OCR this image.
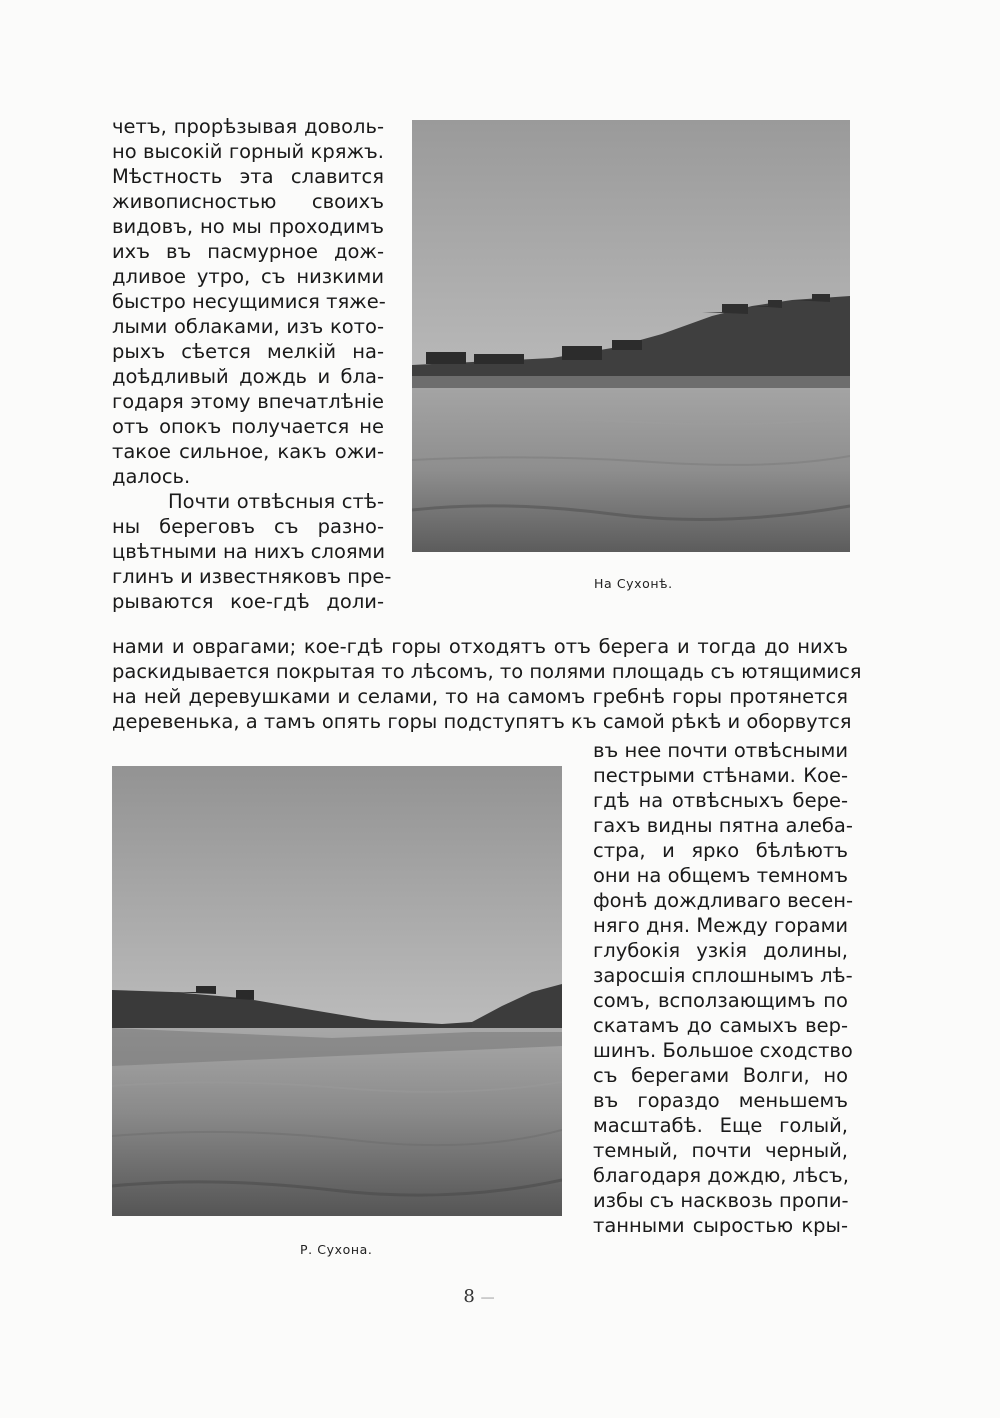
четъ, прорѣзывая доволь-
но высокій горный кряжъ.
Мѣстность эта славится
живописностью своихъ
видовъ, но мы проходимъ
ихъ въ пасмурное дож-
дливое утро, съ низкими
быстро несущимися тяже-
лыми облаками, изъ кото-
рыхъ сѣется мелкій на-
доѣдливый дождь и бла-
годаря этому впечатлѣніе
отъ опокъ получается не
такое сильное, какъ ожи-
далось.
Почти отвѣсныя стѣ-
ны береговъ съ разно-
цвѣтными на нихъ слоями
глинъ и известняковъ пре-
рываются кое-гдѣ доли-
На Сухонѣ.
нами и оврагами; кое-гдѣ горы отходятъ отъ берега и тогда до нихъ
раскидывается покрытая то лѣсомъ, то полями площадь съ ютящимися
на ней деревушками и селами, то на самомъ гребнѣ горы протянется
деревенька, а тамъ опять горы подступятъ къ самой рѣкѣ и оборвутся
Р. Сухона.
въ нее почти отвѣсными
пестрыми стѣнами. Кое-
гдѣ на отвѣсныхъ бере-
гахъ видны пятна алеба-
стра, и ярко бѣлѣютъ
они на общемъ темномъ
фонѣ дождливаго весен-
няго дня. Между горами
глубокія узкія долины,
заросшія сплошнымъ лѣ-
сомъ, всползающимъ по
скатамъ до самыхъ вер-
шинъ. Большое сходство
съ берегами Волги, но
въ гораздо меньшемъ
масштабѣ. Еще голый,
темный, почти черный,
благодаря дождю, лѣсъ,
избы съ насквозь пропи-
танными сыростью кры-
8 —
